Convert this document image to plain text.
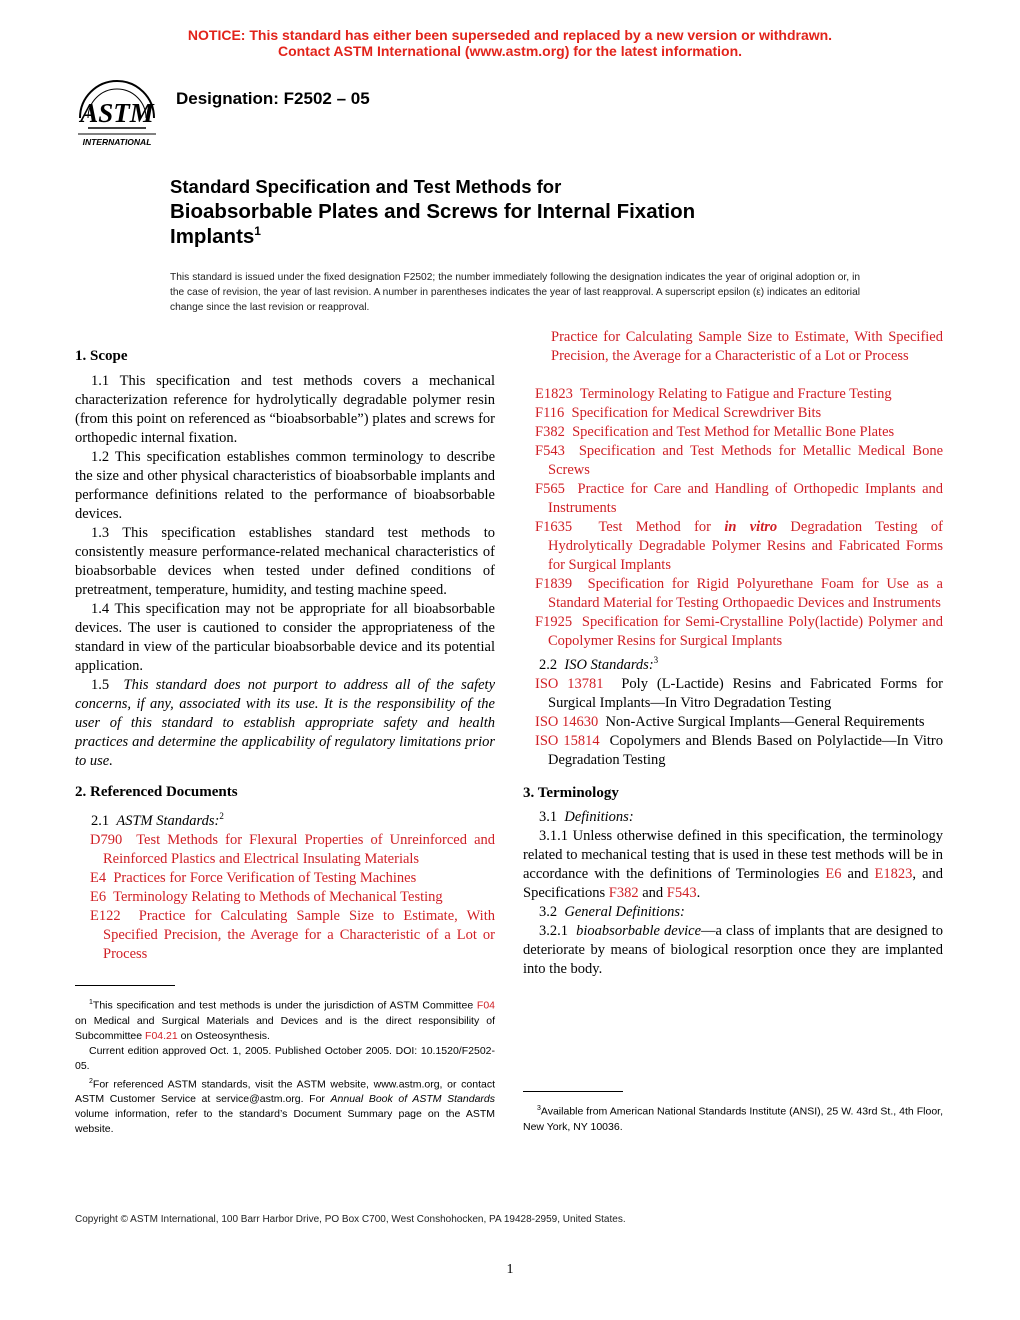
NOTICE: This standard has either been superseded and replaced by a new version or withdrawn.
Contact ASTM International (www.astm.org) for the latest information.
ASTM
INTERNATIONAL
Designation: F2502 – 05
Standard Specification and Test Methods for
Bioabsorbable Plates and Screws for Internal Fixation
Implants$^1$
This standard is issued under the fixed designation F2502; the number immediately following the designation indicates the year of original adoption or, in the case of revision, the year of last revision. A number in parentheses indicates the year of last reapproval. A superscript epsilon (ε) indicates an editorial change since the last revision or reapproval.

1. Scope

1.1 This specification and test methods covers a mechanical characterization reference for hydrolytically degradable polymer resin (from this point on referenced as “bioabsorbable”) plates and screws for orthopedic internal fixation.

1.2 This specification establishes common terminology to describe the size and other physical characteristics of bioabsorbable implants and performance definitions related to the performance of bioabsorbable devices.

1.3 This specification establishes standard test methods to consistently measure performance-related mechanical characteristics of bioabsorbable devices when tested under defined conditions of pretreatment, temperature, humidity, and testing machine speed.

1.4 This specification may not be appropriate for all bioabsorbable devices. The user is cautioned to consider the appropriateness of the standard in view of the particular bioabsorbable device and its potential application.

1.5 This standard does not purport to address all of the safety concerns, if any, associated with its use. It is the responsibility of the user of this standard to establish appropriate safety and health practices and determine the applicability of regulatory limitations prior to use.

2. Referenced Documents

2.1 ASTM Standards:$^2$

D790 Test Methods for Flexural Properties of Unreinforced and Reinforced Plastics and Electrical Insulating Materials

E4 Practices for Force Verification of Testing Machines

E6 Terminology Relating to Methods of Mechanical Testing

E122 Practice for Calculating Sample Size to Estimate, With Specified Precision, the Average for a Characteristic of a Lot or Process

$^1$This specification and test methods is under the jurisdiction of ASTM Committee F04 on Medical and Surgical Materials and Devices and is the direct responsibility of Subcommittee F04.21 on Osteosynthesis.

Current edition approved Oct. 1, 2005. Published October 2005. DOI: 10.1520/F2502-05.

$^2$For referenced ASTM standards, visit the ASTM website, www.astm.org, or contact ASTM Customer Service at service@astm.org. For Annual Book of ASTM Standards volume information, refer to the standard’s Document Summary page on the ASTM website.

Practice for Calculating Sample Size to Estimate, With Specified Precision, the Average for a Characteristic of a Lot or Process

E1823 Terminology Relating to Fatigue and Fracture Testing

F116 Specification for Medical Screwdriver Bits

F382 Specification and Test Method for Metallic Bone Plates

F543 Specification and Test Methods for Metallic Medical Bone Screws

F565 Practice for Care and Handling of Orthopedic Implants and Instruments

F1635 Test Method for in vitro Degradation Testing of Hydrolytically Degradable Polymer Resins and Fabricated Forms for Surgical Implants

F1839 Specification for Rigid Polyurethane Foam for Use as a Standard Material for Testing Orthopaedic Devices and Instruments

F1925 Specification for Semi-Crystalline Poly(lactide) Polymer and Copolymer Resins for Surgical Implants

2.2 ISO Standards:$^3$

ISO 13781 Poly (L-Lactide) Resins and Fabricated Forms for Surgical Implants—In Vitro Degradation Testing

ISO 14630 Non-Active Surgical Implants—General Requirements

ISO 15814 Copolymers and Blends Based on Polylactide—In Vitro Degradation Testing

3. Terminology

3.1 Definitions:

3.1.1 Unless otherwise defined in this specification, the terminology related to mechanical testing that is used in these test methods will be in accordance with the definitions of Terminologies E6 and E1823, and Specifications F382 and F543.

3.2 General Definitions:

3.2.1 bioabsorbable device—a class of implants that are designed to deteriorate by means of biological resorption once they are implanted into the body.

$^3$Available from American National Standards Institute (ANSI), 25 W. 43rd St., 4th Floor, New York, NY 10036.

Copyright © ASTM International, 100 Barr Harbor Drive, PO Box C700, West Conshohocken, PA 19428-2959, United States.
1
